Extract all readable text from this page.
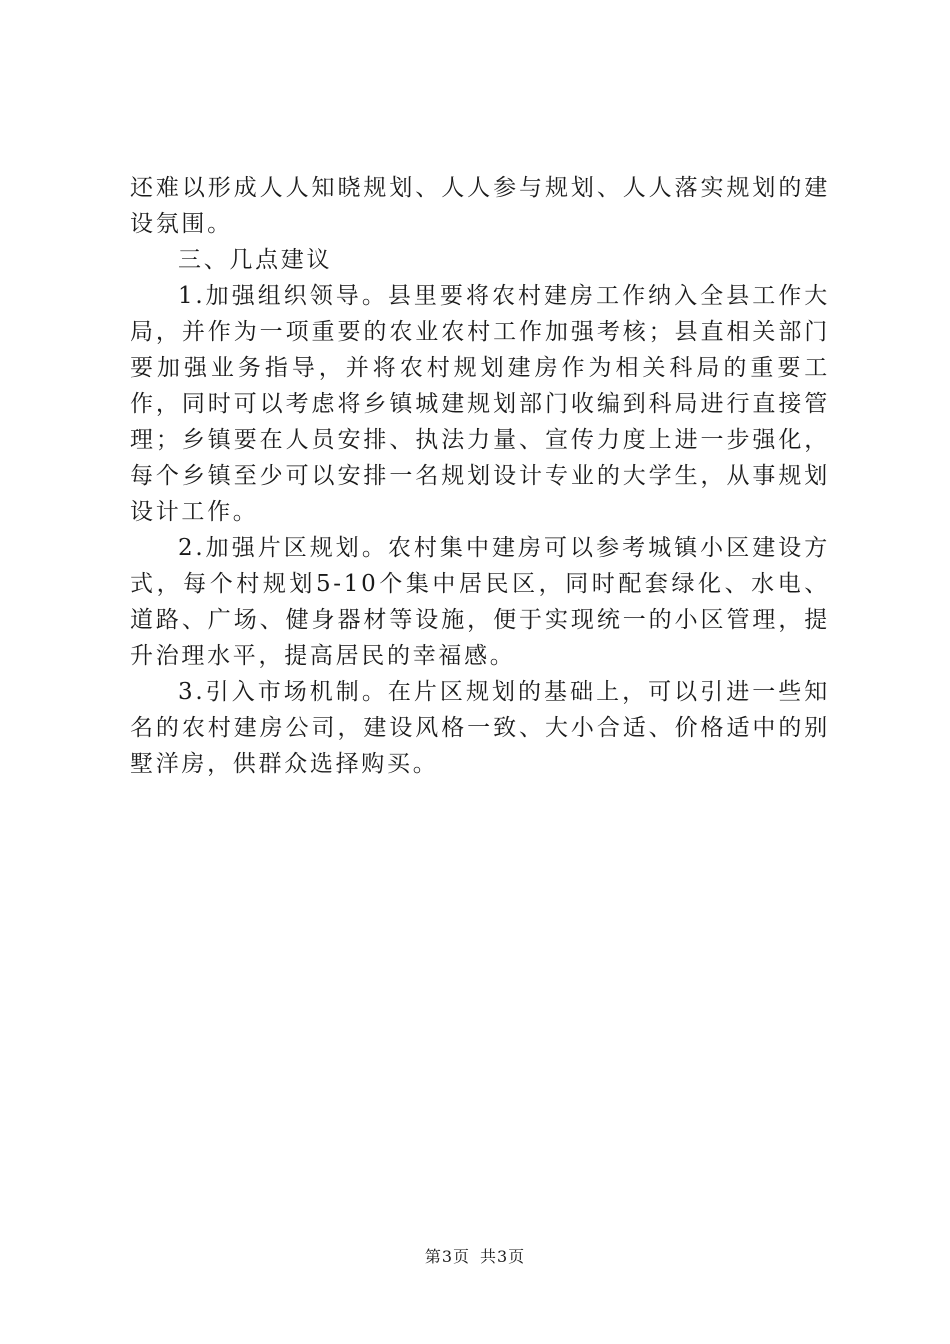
还难以形成人人知晓规划、人人参与规划、人人落实规划的建设氛围。

三、几点建议

1.加强组织领导。县里要将农村建房工作纳入全县工作大局，并作为一项重要的农业农村工作加强考核；县直相关部门要加强业务指导，并将农村规划建房作为相关科局的重要工作，同时可以考虑将乡镇城建规划部门收编到科局进行直接管理；乡镇要在人员安排、执法力量、宣传力度上进一步强化，每个乡镇至少可以安排一名规划设计专业的大学生，从事规划设计工作。

2.加强片区规划。农村集中建房可以参考城镇小区建设方式，每个村规划5-10个集中居民区，同时配套绿化、水电、道路、广场、健身器材等设施，便于实现统一的小区管理，提升治理水平，提高居民的幸福感。

3.引入市场机制。在片区规划的基础上，可以引进一些知名的农村建房公司，建设风格一致、大小合适、价格适中的别墅洋房，供群众选择购买。

第3页 共3页
